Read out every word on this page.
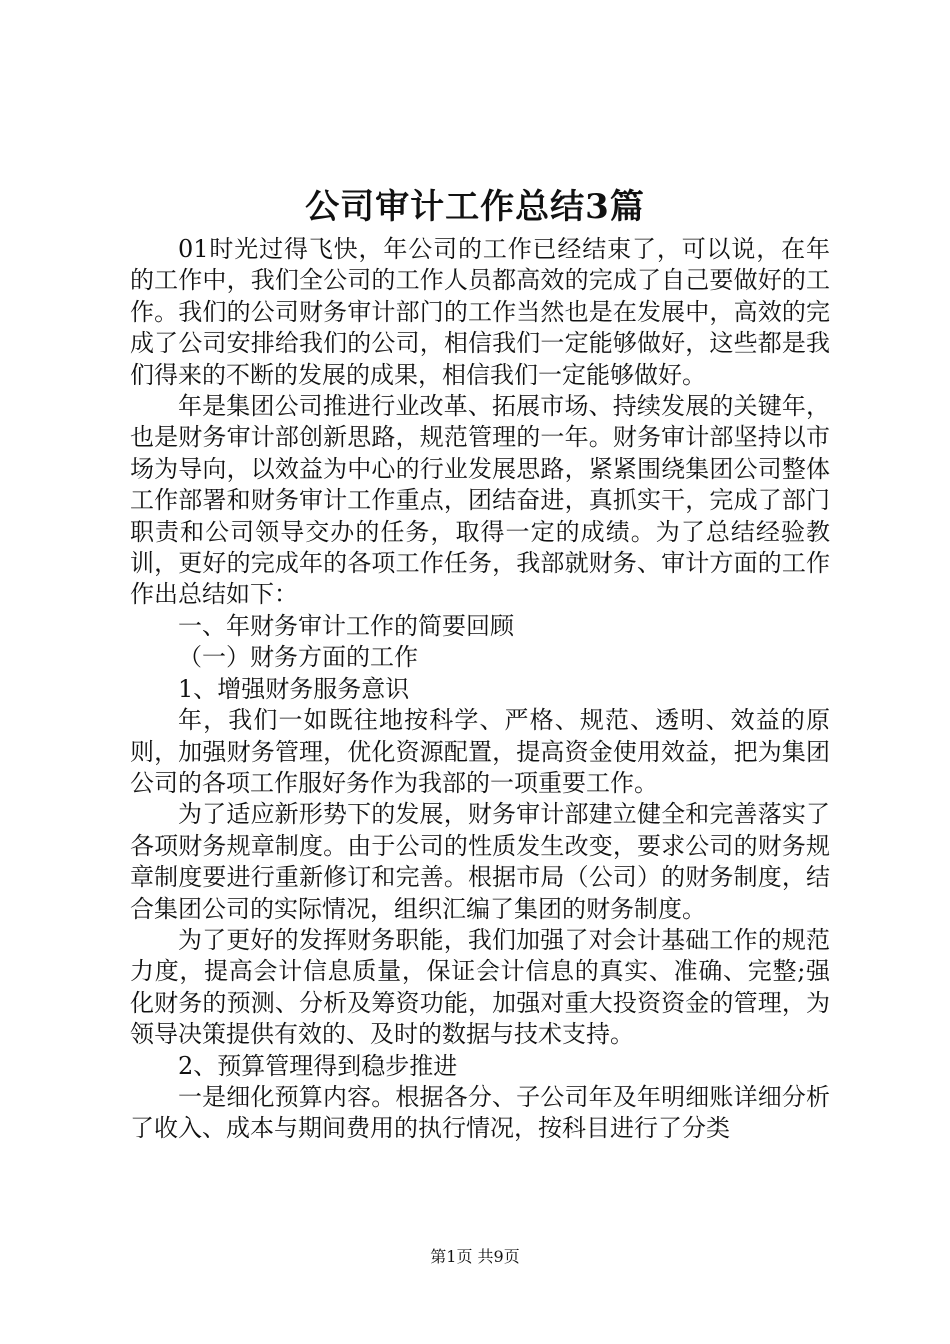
公司审计工作总结3篇

01时光过得飞快，年公司的工作已经结束了，可以说，在年的工作中，我们全公司的工作人员都高效的完成了自己要做好的工作。我们的公司财务审计部门的工作当然也是在发展中，高效的完成了公司安排给我们的公司，相信我们一定能够做好，这些都是我们得来的不断的发展的成果，相信我们一定能够做好。

年是集团公司推进行业改革、拓展市场、持续发展的关键年，也是财务审计部创新思路，规范管理的一年。财务审计部坚持以市场为导向，以效益为中心的行业发展思路，紧紧围绕集团公司整体工作部署和财务审计工作重点，团结奋进，真抓实干，完成了部门职责和公司领导交办的任务，取得一定的成绩。为了总结经验教训，更好的完成年的各项工作任务，我部就财务、审计方面的工作作出总结如下：

一、年财务审计工作的简要回顾

（一）财务方面的工作

1、增强财务服务意识

年，我们一如既往地按科学、严格、规范、透明、效益的原则，加强财务管理，优化资源配置，提高资金使用效益，把为集团公司的各项工作服好务作为我部的一项重要工作。

为了适应新形势下的发展，财务审计部建立健全和完善落实了各项财务规章制度。由于公司的性质发生改变，要求公司的财务规章制度要进行重新修订和完善。根据市局（公司）的财务制度，结合集团公司的实际情况，组织汇编了集团的财务制度。

为了更好的发挥财务职能，我们加强了对会计基础工作的规范力度，提高会计信息质量，保证会计信息的真实、准确、完整;强化财务的预测、分析及筹资功能，加强对重大投资资金的管理，为领导决策提供有效的、及时的数据与技术支持。

2、预算管理得到稳步推进

一是细化预算内容。根据各分、子公司年及年明细账详细分析了收入、成本与期间费用的执行情况，按科目进行了分类

第1页 共9页
